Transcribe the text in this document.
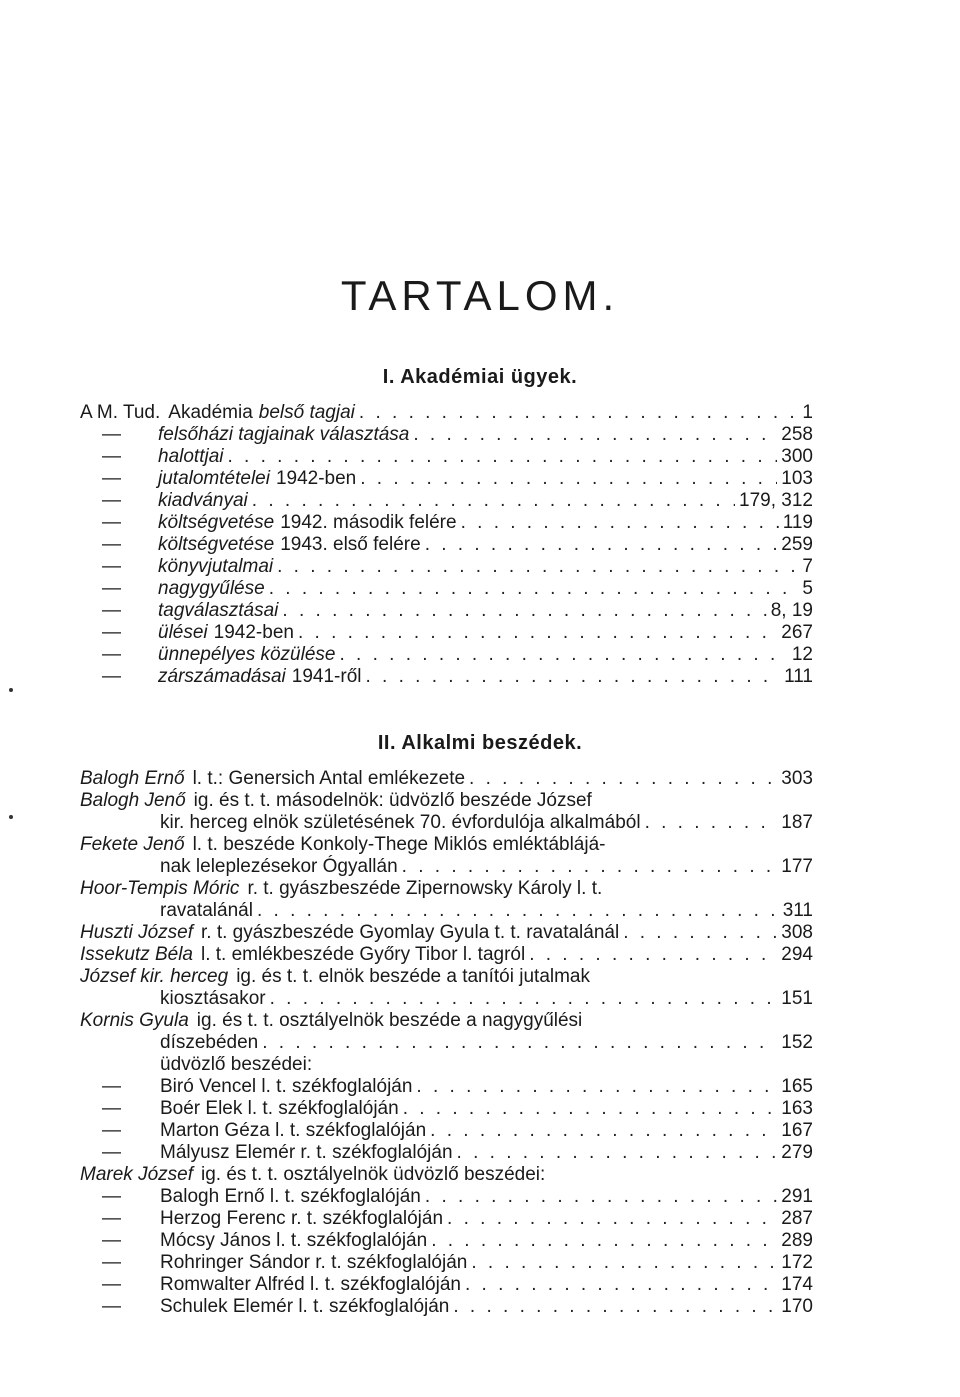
TARTALOM.
I. Akadémiai ügyek.
A M. Tud. Akadémia belső tagjai . . .	1
—	felsőházi tagjainak választása . . .	258
—	halottjai . . .	300
—	jutalomtételei 1942-ben . . .	103
—	kiadványai . . .	179, 312
—	költségvetése 1942. második felére . . .	119
—	költségvetése 1943. első felére . . .	259
—	könyvjutalmai . . .	7
—	nagygyűlése . . .	5
—	tagválasztásai . . .	8, 19
—	ülései 1942-ben . . .	267
—	ünnepélyes közülése . . .	12
—	zárszámadásai 1941-ről . . .	111
II. Alkalmi beszédek.
Balogh Ernő l. t.: Genersich Antal emlékezete . . .	303
Balogh Jenő ig. és t. t. másodelnök: üdvözlő beszéde József
kir. herceg elnök születésének 70. évfordulója alkalmából . . .	187
Fekete Jenő l. t. beszéde Konkoly-Thege Miklós emléktáblájá-
nak leleplezésekor Ógyallán . . .	177
Hoor-Tempis Móric r. t. gyászbeszéde Zipernowsky Károly l. t.
ravatalánál . . .	311
Huszti József r. t. gyászbeszéde Gyomlay Gyula t. t. ravatalánál . . .	308
Issekutz Béla l. t. emlékbeszéde Győry Tibor l. tagról . . .	294
József kir. herceg ig. és t. t. elnök beszéde a tanítói jutalmak
kiosztásakor . . .	151
Kornis Gyula ig. és t. t. osztályelnök beszéde a nagygyűlési
díszebéden . . .	152
üdvözlő beszédei:
—	Biró Vencel l. t. székfoglalóján . . .	165
—	Boér Elek l. t. székfoglalóján . . .	163
—	Marton Géza l. t. székfoglalóján . . .	167
—	Mályusz Elemér r. t. székfoglalóján . . .	279
Marek József ig. és t. t. osztályelnök üdvözlő beszédei:
—	Balogh Ernő l. t. székfoglalóján . . .	291
—	Herzog Ferenc r. t. székfoglalóján . . .	287
—	Mócsy János l. t. székfoglalóján . . .	289
—	Rohringer Sándor r. t. székfoglalóján . . .	172
—	Romwalter Alfréd l. t. székfoglalóján . . .	174
—	Schulek Elemér l. t. székfoglalóján . . .	170
